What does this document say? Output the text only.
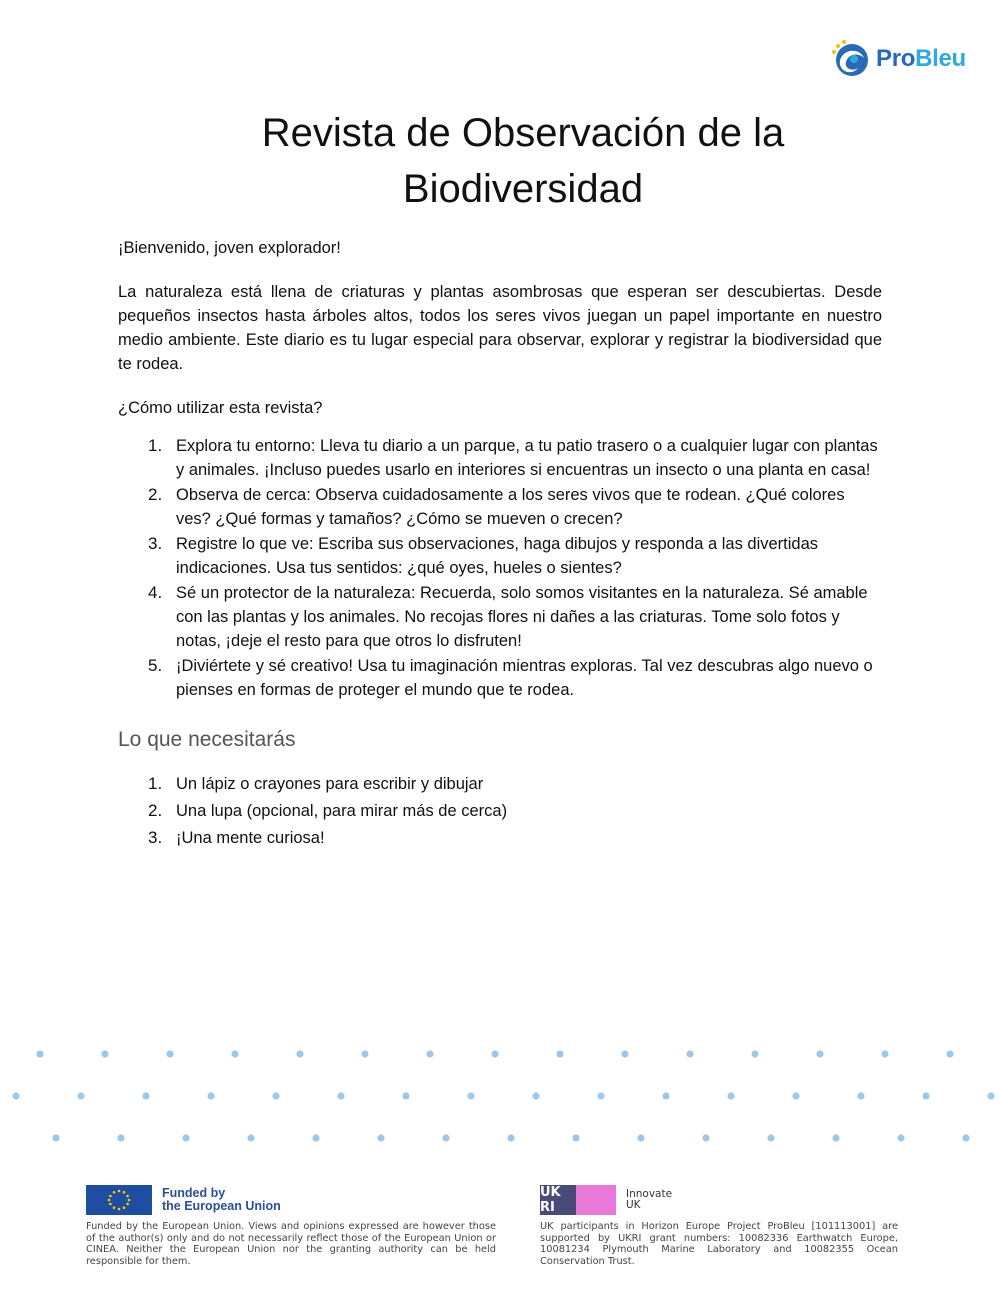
ProBleu
Revista de Observación de la
Biodiversidad

¡Bienvenido, joven explorador!

La naturaleza está llena de criaturas y plantas asombrosas que esperan ser descubiertas. Desde pequeños insectos hasta árboles altos, todos los seres vivos juegan un papel importante en nuestro medio ambiente. Este diario es tu lugar especial para observar, explorar y registrar la biodiversidad que te rodea.

¿Cómo utilizar esta revista?

1. Explora tu entorno: Lleva tu diario a un parque, a tu patio trasero o a cualquier lugar con plantas y animales. ¡Incluso puedes usarlo en interiores si encuentras un insecto o una planta en casa!
2. Observa de cerca: Observa cuidadosamente a los seres vivos que te rodean. ¿Qué colores ves? ¿Qué formas y tamaños? ¿Cómo se mueven o crecen?
3. Registre lo que ve: Escriba sus observaciones, haga dibujos y responda a las divertidas indicaciones. Usa tus sentidos: ¿qué oyes, hueles o sientes?
4. Sé un protector de la naturaleza: Recuerda, solo somos visitantes en la naturaleza. Sé amable con las plantas y los animales. No recojas flores ni dañes a las criaturas. Tome solo fotos y notas, ¡deje el resto para que otros lo disfruten!
5. ¡Diviértete y sé creativo! Usa tu imaginación mientras exploras. Tal vez descubras algo nuevo o pienses en formas de proteger el mundo que te rodea.
Lo que necesitarás
1. Un lápiz o crayones para escribir y dibujar
2. Una lupa (opcional, para mirar más de cerca)
3. ¡Una mente curiosa!
Funded by
the European Union
Funded by the European Union. Views and opinions expressed are however those of the author(s) only and do not necessarily reflect those of the European Union or CINEA. Neither the European Union nor the granting authority can be held responsible for them.
UK RI
Innovate
UK
UK participants in Horizon Europe Project ProBleu [101113001] are supported by UKRI grant numbers: 10082336 Earthwatch Europe, 10081234 Plymouth Marine Laboratory and 10082355 Ocean Conservation Trust.
